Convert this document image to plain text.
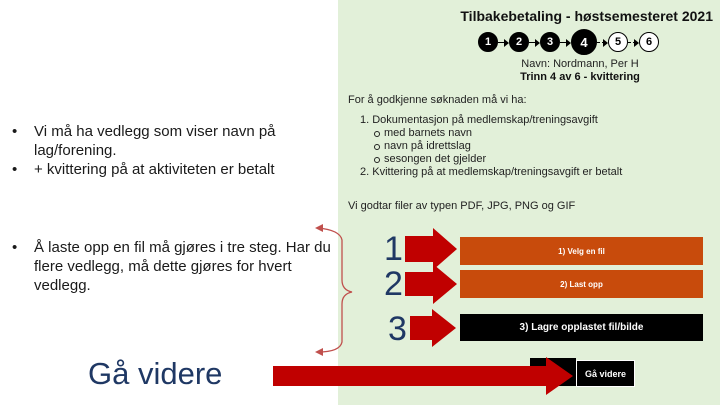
Tilbakebetaling - høstsemesteret 2021
1	2	3	4	5	6
Navn: Nordmann, Per H
Trinn 4 av 6 - kvittering
For å godkjenne søknaden må vi ha:
1. Dokumentasjon på medlemskap/treningsavgift
med barnets navn
navn på idrettslag
sesongen det gjelder
2. Kvittering på at medlemskap/treningsavgift er betalt
Vi godtar filer av typen PDF, JPG, PNG og GIF
• Vi må ha vedlegg som viser navn på lag/forening.
• + kvittering på at aktiviteten er betalt
• Å laste opp en fil må gjøres i tre steg. Har du flere vedlegg, må dette gjøres for hvert vedlegg.
1
2
3
1) Velg en fil
2) Last opp
3) Lagre opplastet fil/bilde
Gå videre
Gå videre
